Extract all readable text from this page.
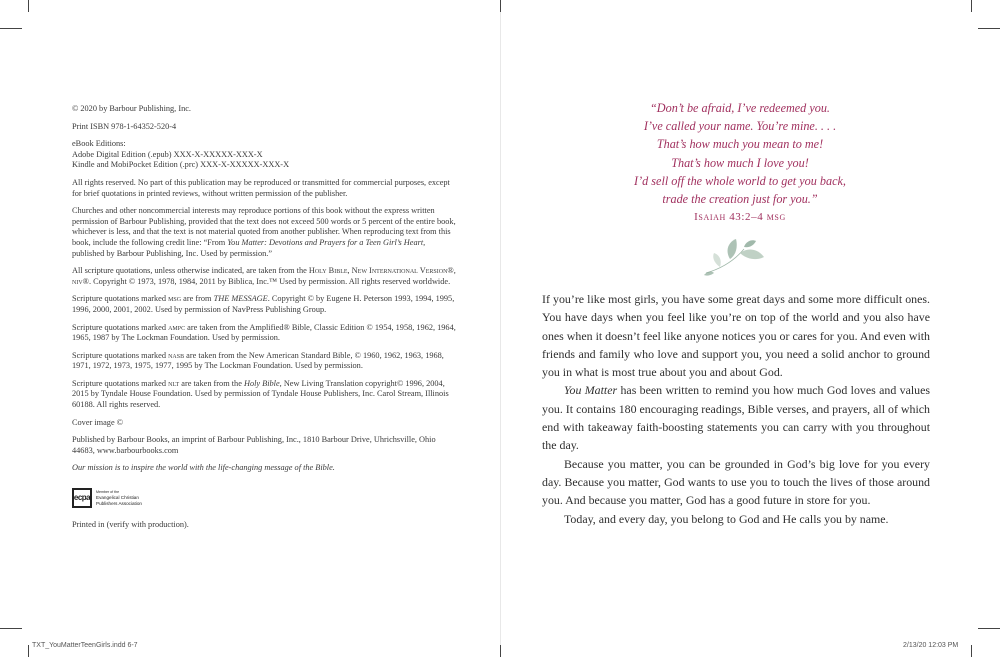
© 2020 by Barbour Publishing, Inc.

Print ISBN 978-1-64352-520-4

eBook Editions:
Adobe Digital Edition (.epub) XXX-X-XXXXX-XXX-X
Kindle and MobiPocket Edition (.prc) XXX-X-XXXXX-XXX-X

All rights reserved. No part of this publication may be reproduced or transmitted for commercial purposes, except for brief quotations in printed reviews, without written permission of the publisher.

Churches and other noncommercial interests may reproduce portions of this book without the express written permission of Barbour Publishing, provided that the text does not exceed 500 words or 5 percent of the entire book, whichever is less, and that the text is not material quoted from another publisher. When reproducing text from this book, include the following credit line: “From You Matter: Devotions and Prayers for a Teen Girl’s Heart, published by Barbour Publishing, Inc. Used by permission.”

All scripture quotations, unless otherwise indicated, are taken from the Holy Bible, New International Version®, niv®. Copyright © 1973, 1978, 1984, 2011 by Biblica, Inc.™ Used by permission. All rights reserved worldwide.

Scripture quotations marked msg are from THE MESSAGE. Copyright © by Eugene H. Peterson 1993, 1994, 1995, 1996, 2000, 2001, 2002. Used by permission of NavPress Publishing Group.

Scripture quotations marked ampc are taken from the Amplified® Bible, Classic Edition © 1954, 1958, 1962, 1964, 1965, 1987 by The Lockman Foundation. Used by permission.

Scripture quotations marked nasb are taken from the New American Standard Bible, © 1960, 1962, 1963, 1968, 1971, 1972, 1973, 1975, 1977, 1995 by The Lockman Foundation. Used by permission.

Scripture quotations marked nlt are taken from the Holy Bible, New Living Translation copyright© 1996, 2004, 2015 by Tyndale House Foundation. Used by permission of Tyndale House Publishers, Inc. Carol Stream, Illinois 60188. All rights reserved.

Cover image ©

Published by Barbour Books, an imprint of Barbour Publishing, Inc., 1810 Barbour Drive, Uhrichsville, Ohio 44683, www.barbourbooks.com

Our mission is to inspire the world with the life-changing message of the Bible.

ecpa
Member of the
Evangelical Christian
Publishers Association

Printed in (verify with production).

“Don’t be afraid, I’ve redeemed you.
I’ve called your name. You’re mine. . . .
That’s how much you mean to me!
That’s how much I love you!
I’d sell off the whole world to get you back,
trade the creation just for you.”
Isaiah 43:2–4 msg

If you’re like most girls, you have some great days and some more difficult ones. You have days when you feel like you’re on top of the world and you also have ones when it doesn’t feel like anyone notices you or cares for you. And even with friends and family who love and support you, you need a solid anchor to ground you in what is most true about you and about God.

You Matter has been written to remind you how much God loves and values you. It contains 180 encouraging readings, Bible verses, and prayers, all of which end with takeaway faith-boosting statements you can carry with you throughout the day.

Because you matter, you can be grounded in God’s big love for you every day. Because you matter, God wants to use you to touch the lives of those around you. And because you matter, God has a good future in store for you.

Today, and every day, you belong to God and He calls you by name.

TXT_YouMatterTeenGirls.indd 6-7	2/13/20 12:03 PM
